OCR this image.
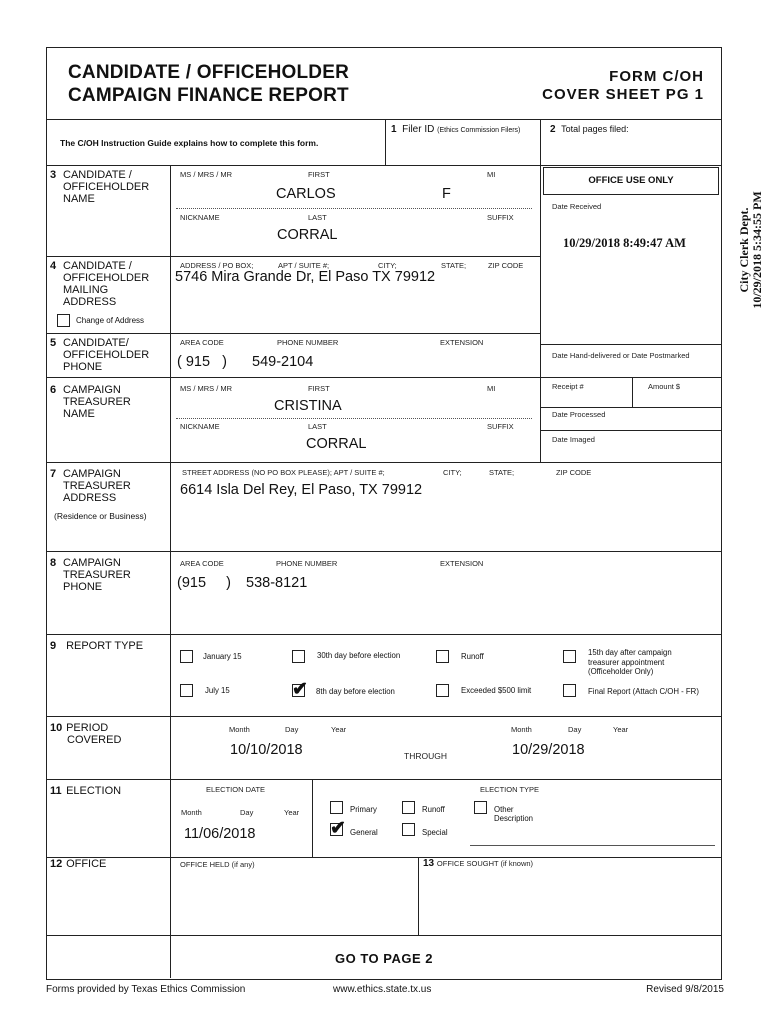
CANDIDATE / OFFICEHOLDER
CAMPAIGN FINANCE REPORT
FORM C/OH
COVER SHEET PG 1
The C/OH Instruction Guide explains how to complete this form.
1 Filer ID (Ethics Commission Filers)	2 Total pages filed:
3 CANDIDATE /
OFFICEHOLDER
NAME
MS / MRS / MR	FIRST	MI
CARLOS	F
NICKNAME	LAST	SUFFIX
CORRAL
4 CANDIDATE /
OFFICEHOLDER
MAILING
ADDRESS
Change of Address
ADDRESS / PO BOX;	APT / SUITE #;	CITY;	STATE;	ZIP CODE
5746 Mira Grande Dr, El Paso TX 79912
5 CANDIDATE/
OFFICEHOLDER
PHONE
AREA CODE	PHONE NUMBER	EXTENSION
( 915   ) 549-2104
6 CAMPAIGN
TREASURER
NAME
MS / MRS / MR	FIRST	MI
CRISTINA
NICKNAME	LAST	SUFFIX
CORRAL
OFFICE USE ONLY
Date Received
10/29/2018 8:49:47 AM
Date Hand-delivered or Date Postmarked
Receipt #	Amount $
Date Processed
Date Imaged
City Clerk Dept. 10/29/2018 5:34:55 PM
7 CAMPAIGN
TREASURER
ADDRESS
(Residence or Business)
STREET ADDRESS (NO PO BOX PLEASE); APT / SUITE #;	CITY;	STATE;	ZIP CODE
6614 Isla Del Rey, El Paso, TX 79912
8 CAMPAIGN
TREASURER
PHONE
AREA CODE	PHONE NUMBER	EXTENSION
(915     ) 538-8121
9 REPORT TYPE
January 15	30th day before election	Runoff	15th day after campaign
treasurer appointment
(Officeholder Only)
July 15	✔ 8th day before election	Exceeded $500 limit	Final Report (Attach C/OH - FR)
10 PERIOD
COVERED
Month	Day	Year
10/10/2018	THROUGH
Month	Day	Year
10/29/2018
11 ELECTION	ELECTION DATE
Month	Day	Year
11/06/2018
ELECTION TYPE
Primary	Runoff	Other
Description
✔ General	Special
12 OFFICE	OFFICE HELD (if any)	13 OFFICE SOUGHT (if known)
GO TO PAGE 2
Forms provided by Texas Ethics Commission	www.ethics.state.tx.us	Revised 9/8/2015
